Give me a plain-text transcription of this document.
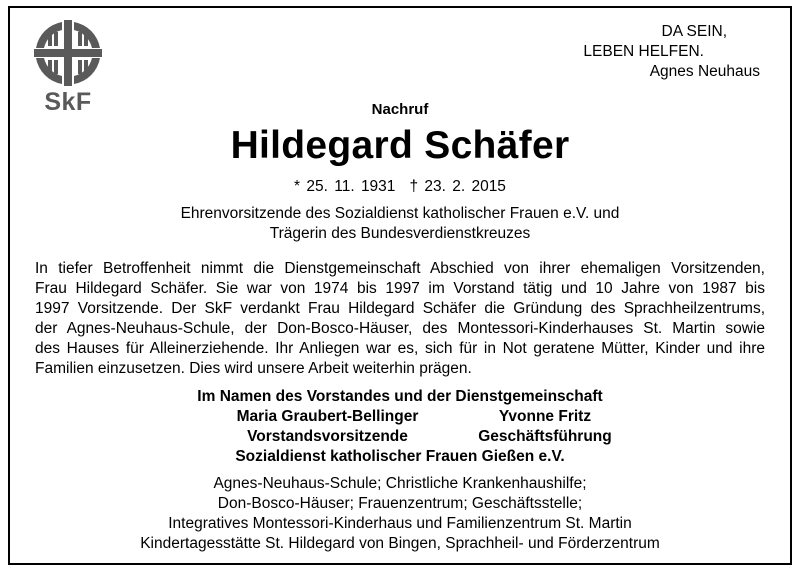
SkF
DA SEIN,
LEBEN HELFEN.
Agnes Neuhaus
Nachruf
Hildegard Schäfer
* 25. 11. 1931 † 23. 2. 2015
Ehrenvorsitzende des Sozialdienst katholischer Frauen e.V. und
Trägerin des Bundesverdienstkreuzes
In tiefer Betroffenheit nimmt die Dienstgemeinschaft Abschied von ihrer ehemaligen Vorsitzenden,
Frau Hildegard Schäfer. Sie war von 1974 bis 1997 im Vorstand tätig und 10 Jahre von 1987 bis
1997 Vorsitzende. Der SkF verdankt Frau Hildegard Schäfer die Gründung des Sprachheilzentrums,
der Agnes-Neuhaus-Schule, der Don-Bosco-Häuser, des Montessori-Kinderhauses St. Martin sowie
des Hauses für Alleinerziehende. Ihr Anliegen war es, sich für in Not geratene Mütter, Kinder und ihre
Familien einzusetzen. Dies wird unsere Arbeit weiterhin prägen.
Im Namen des Vorstandes und der Dienstgemeinschaft
Maria Graubert-Bellinger	Yvonne Fritz
Vorstandsvorsitzende	Geschäftsführung
Sozialdienst katholischer Frauen Gießen e.V.
Agnes-Neuhaus-Schule; Christliche Krankenhaushilfe;
Don-Bosco-Häuser; Frauenzentrum; Geschäftsstelle;
Integratives Montessori-Kinderhaus und Familienzentrum St. Martin
Kindertagesstätte St. Hildegard von Bingen, Sprachheil- und Förderzentrum
